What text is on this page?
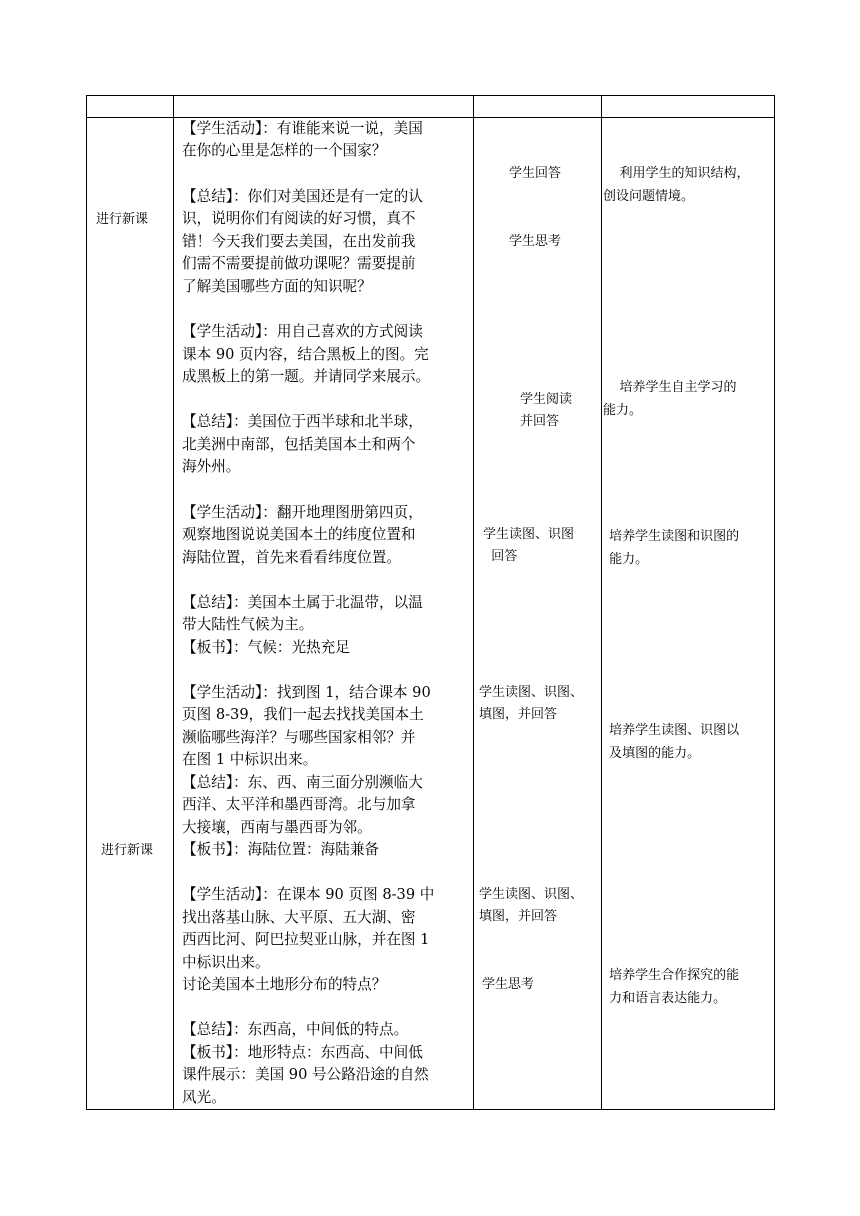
进行新课
进行新课
【学生活动】：有谁能来说一说，美国
在你的心里是怎样的一个国家？
【总结】：你们对美国还是有一定的认
识，说明你们有阅读的好习惯，真不
错！今天我们要去美国，在出发前我
们需不需要提前做功课呢？需要提前
了解美国哪些方面的知识呢？
【学生活动】：用自己喜欢的方式阅读
课本 90 页内容，结合黑板上的图。完
成黑板上的第一题。并请同学来展示。
【总结】：美国位于西半球和北半球，
北美洲中南部，包括美国本土和两个
海外州。
【学生活动】：翻开地理图册第四页，
观察地图说说美国本土的纬度位置和
海陆位置，首先来看看纬度位置。
【总结】：美国本土属于北温带，以温
带大陆性气候为主。
【板书】：气候：光热充足
【学生活动】：找到图 1，结合课本 90
页图 8-39，我们一起去找找美国本土
濒临哪些海洋？与哪些国家相邻？并
在图 1 中标识出来。
【总结】：东、西、南三面分别濒临大
西洋、太平洋和墨西哥湾。北与加拿
大接壤，西南与墨西哥为邻。
【板书】：海陆位置：海陆兼备
【学生活动】：在课本 90 页图 8-39 中
找出落基山脉、大平原、五大湖、密
西西比河、阿巴拉契亚山脉，并在图 1
中标识出来。
讨论美国本土地形分布的特点？
【总结】：东西高，中间低的特点。
【板书】：地形特点：东西高、中间低
课件展示：美国 90 号公路沿途的自然
风光。
学生回答
学生思考
学生阅读
并回答
学生读图、识图
回答
学生读图、识图、
填图，并回答
学生读图、识图、
填图，并回答
学生思考
利用学生的知识结构，
创设问题情境。
培养学生自主学习的
能力。
培养学生读图和识图的
能力。
培养学生读图、识图以
及填图的能力。
培养学生合作探究的能
力和语言表达能力。
